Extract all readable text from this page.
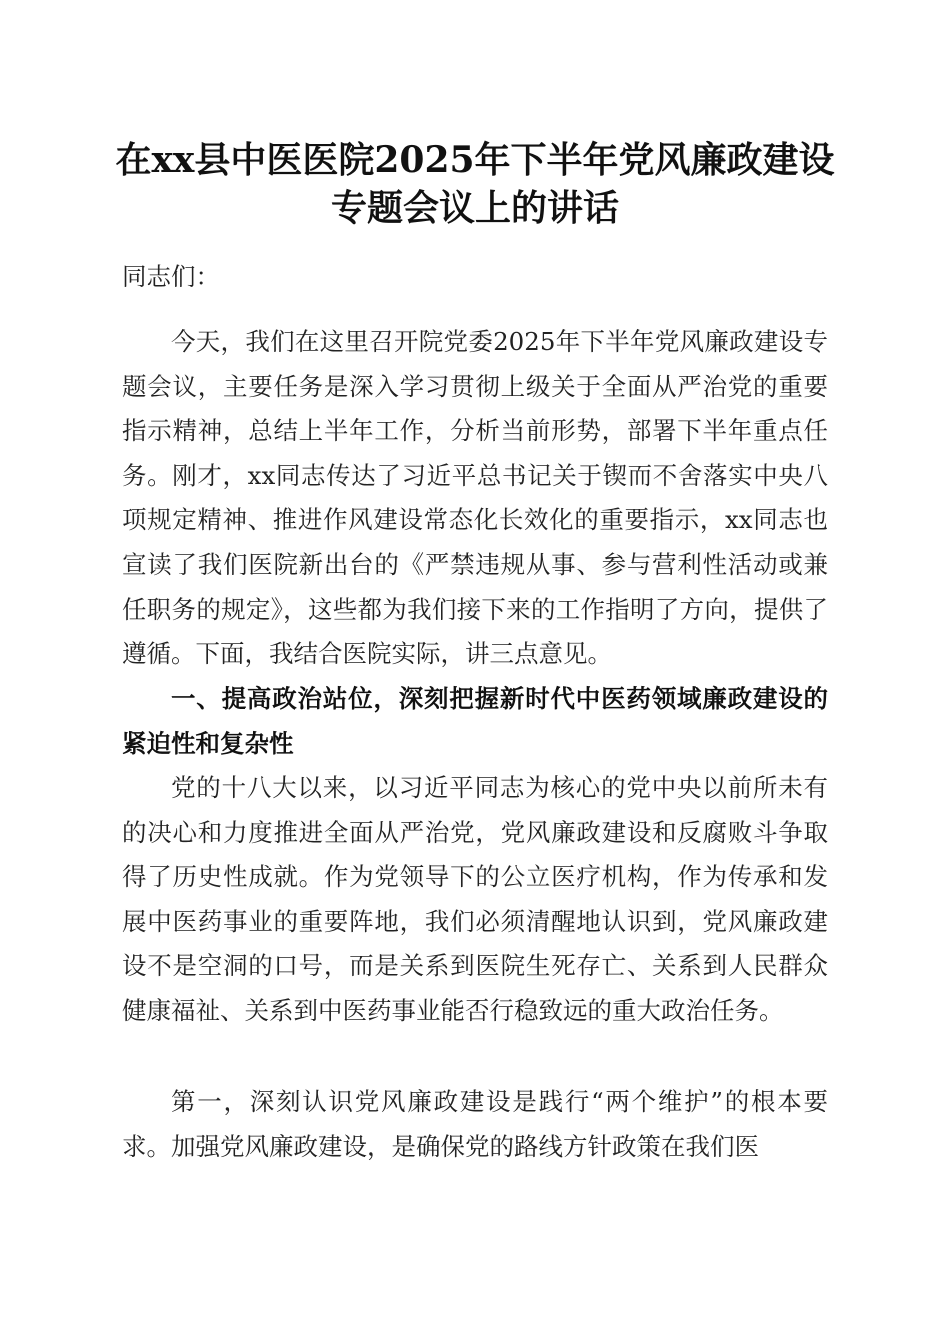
在xx县中医医院2025年下半年党风廉政建设
专题会议上的讲话
同志们：
今天，我们在这里召开院党委2025年下半年党风廉政建设专题会议，主要任务是深入学习贯彻上级关于全面从严治党的重要指示精神，总结上半年工作，分析当前形势，部署下半年重点任务。刚才，xx同志传达了习近平总书记关于锲而不舍落实中央八项规定精神、推进作风建设常态化长效化的重要指示，xx同志也宣读了我们医院新出台的《严禁违规从事、参与营利性活动或兼任职务的规定》，这些都为我们接下来的工作指明了方向，提供了遵循。下面，我结合医院实际，讲三点意见。
一、提高政治站位，深刻把握新时代中医药领域廉政建设的紧迫性和复杂性
党的十八大以来，以习近平同志为核心的党中央以前所未有的决心和力度推进全面从严治党，党风廉政建设和反腐败斗争取得了历史性成就。作为党领导下的公立医疗机构，作为传承和发展中医药事业的重要阵地，我们必须清醒地认识到，党风廉政建设不是空洞的口号，而是关系到医院生死存亡、关系到人民群众健康福祉、关系到中医药事业能否行稳致远的重大政治任务。
第一，深刻认识党风廉政建设是践行“两个维护”的根本要求。加强党风廉政建设，是确保党的路线方针政策在我们医
